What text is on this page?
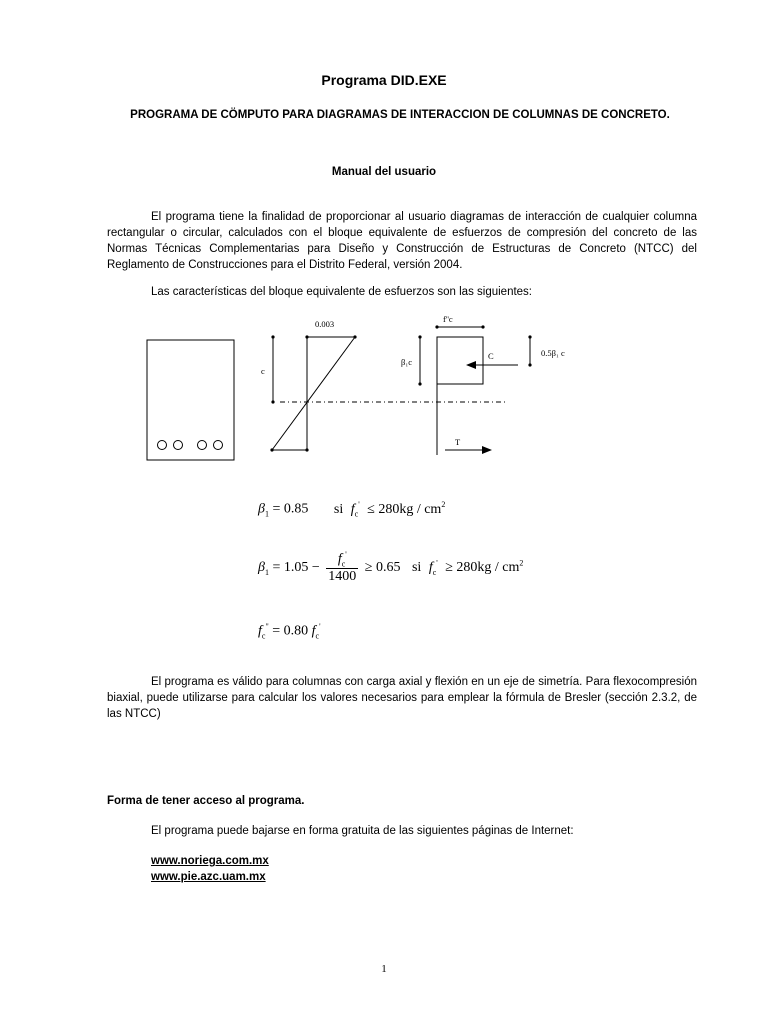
Programa DID.EXE
PROGRAMA DE CÖMPUTO PARA DIAGRAMAS DE INTERACCION DE COLUMNAS DE CONCRETO.
Manual del usuario

El programa tiene la finalidad de proporcionar al usuario diagramas de interacción de cualquier columna rectangular o circular, calculados con el bloque equivalente de esfuerzos de compresión del concreto de las Normas Técnicas Complementarias para Diseño y Construcción de Estructuras de Concreto (NTCC) del Reglamento de Construcciones para el Distrito Federal, versión 2004.

Las características del bloque equivalente de esfuerzos son las siguientes:

0.003
c
f''c
β₁c
C	0.5β₁ c
T
$\beta_1 = 0.85$ si $f_c' \le 280kg / cm^2$
$\beta_1 = 1.05 - \frac{f_c'}{1400} \ge 0.65$ si $f_c' \ge 280kg / cm^2$
$f_c^" = 0.80$ $f_c'$

El programa es válido para columnas con carga axial y flexión en un eje de simetría. Para flexocompresión biaxial, puede utilizarse para calcular los valores necesarios para emplear la fórmula de Bresler (sección 2.3.2, de las NTCC)

Forma de tener acceso al programa.
El programa puede bajarse en forma gratuita de las siguientes páginas de Internet:
www.noriega.com.mx
www.pie.azc.uam.mx
1
